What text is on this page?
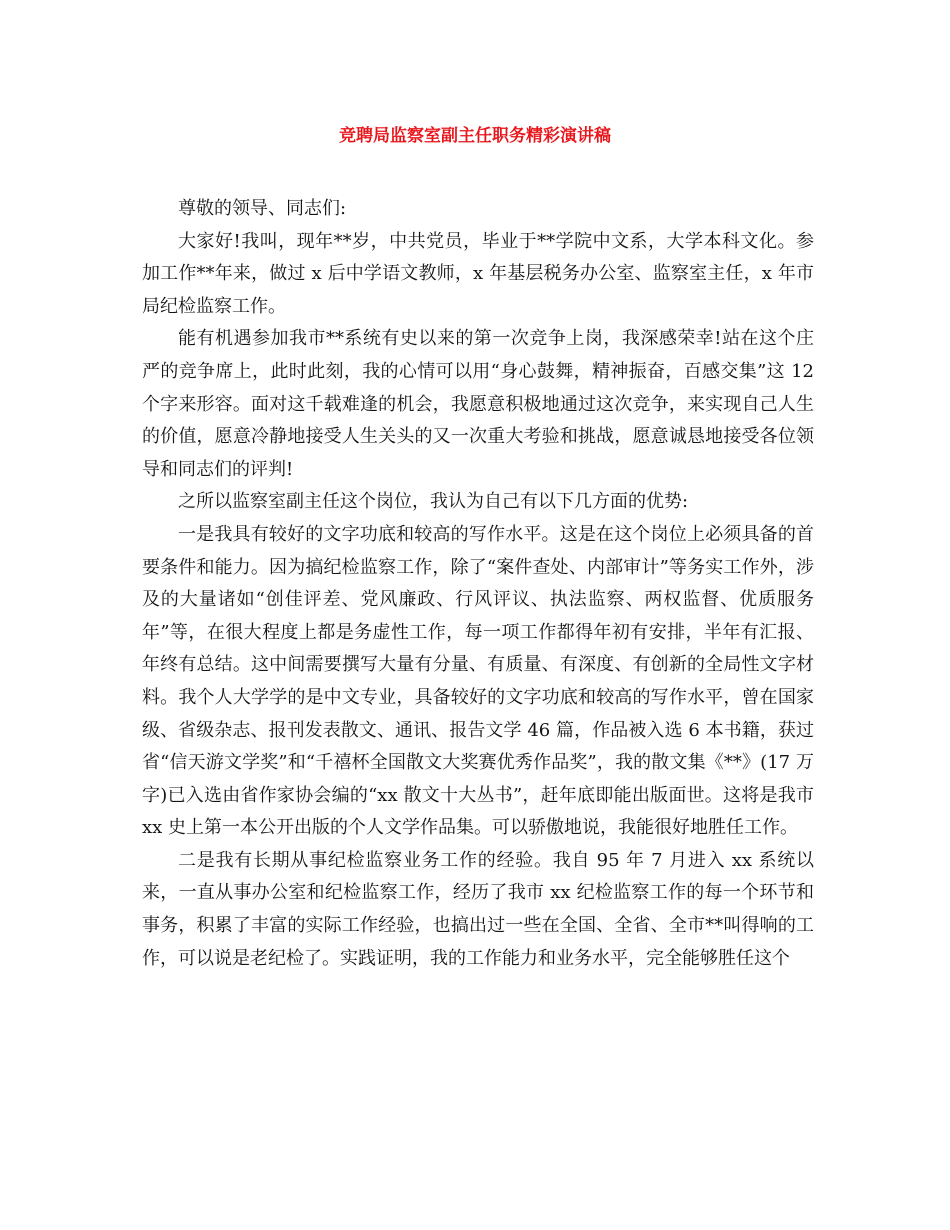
竞聘局监察室副主任职务精彩演讲稿

尊敬的领导、同志们:

大家好!我叫，现年**岁，中共党员，毕业于**学院中文系，大学本科文化。参加工作**年来，做过 x 后中学语文教师，x 年基层税务办公室、监察室主任，x 年市局纪检监察工作。

能有机遇参加我市**系统有史以来的第一次竞争上岗，我深感荣幸!站在这个庄严的竞争席上，此时此刻，我的心情可以用“身心鼓舞，精神振奋，百感交集”这 12 个字来形容。面对这千载难逢的机会，我愿意积极地通过这次竞争，来实现自己人生的价值，愿意冷静地接受人生关头的又一次重大考验和挑战，愿意诚恳地接受各位领导和同志们的评判!

之所以监察室副主任这个岗位，我认为自己有以下几方面的优势:

一是我具有较好的文字功底和较高的写作水平。这是在这个岗位上必须具备的首要条件和能力。因为搞纪检监察工作，除了“案件查处、内部审计”等务实工作外，涉及的大量诸如“创佳评差、党风廉政、行风评议、执法监察、两权监督、优质服务年”等，在很大程度上都是务虚性工作，每一项工作都得年初有安排，半年有汇报、年终有总结。这中间需要撰写大量有分量、有质量、有深度、有创新的全局性文字材料。我个人大学学的是中文专业，具备较好的文字功底和较高的写作水平，曾在国家级、省级杂志、报刊发表散文、通讯、报告文学 46 篇，作品被入选 6 本书籍，获过省“信天游文学奖”和“千禧杯全国散文大奖赛优秀作品奖”，我的散文集《**》(17 万字)已入选由省作家协会编的“xx 散文十大丛书”，赶年底即能出版面世。这将是我市 xx 史上第一本公开出版的个人文学作品集。可以骄傲地说，我能很好地胜任工作。

二是我有长期从事纪检监察业务工作的经验。我自 95 年 7 月进入 xx 系统以来，一直从事办公室和纪检监察工作，经历了我市 xx 纪检监察工作的每一个环节和事务，积累了丰富的实际工作经验，也搞出过一些在全国、全省、全市**叫得响的工作，可以说是老纪检了。实践证明，我的工作能力和业务水平，完全能够胜任这个
